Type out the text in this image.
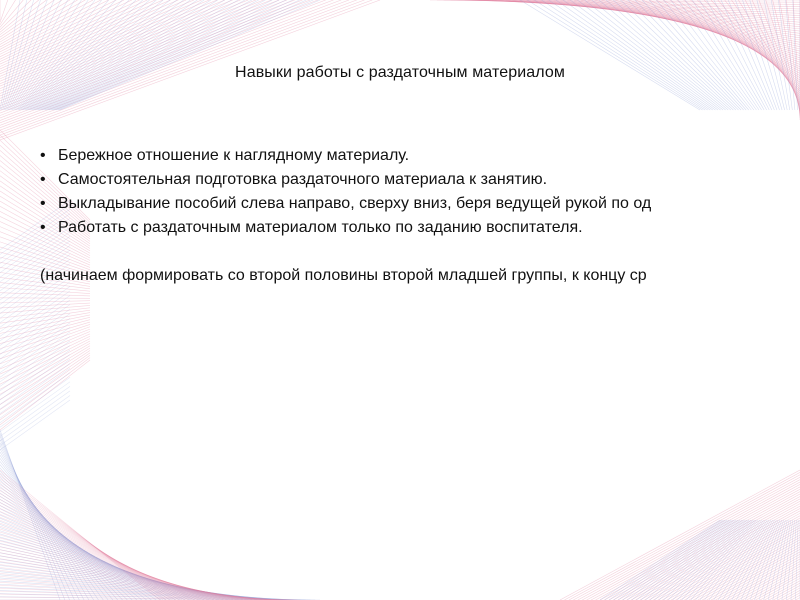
Навыки работы с раздаточным материалом
• Бережное отношение к наглядному материалу.
• Самостоятельная подготовка раздаточного материала к занятию.
• Выкладывание пособий слева направо, сверху вниз, беря ведущей рукой по од
• Работать с раздаточным материалом только по заданию воспитателя.
(начинаем формировать со второй половины второй младшей группы, к концу ср
